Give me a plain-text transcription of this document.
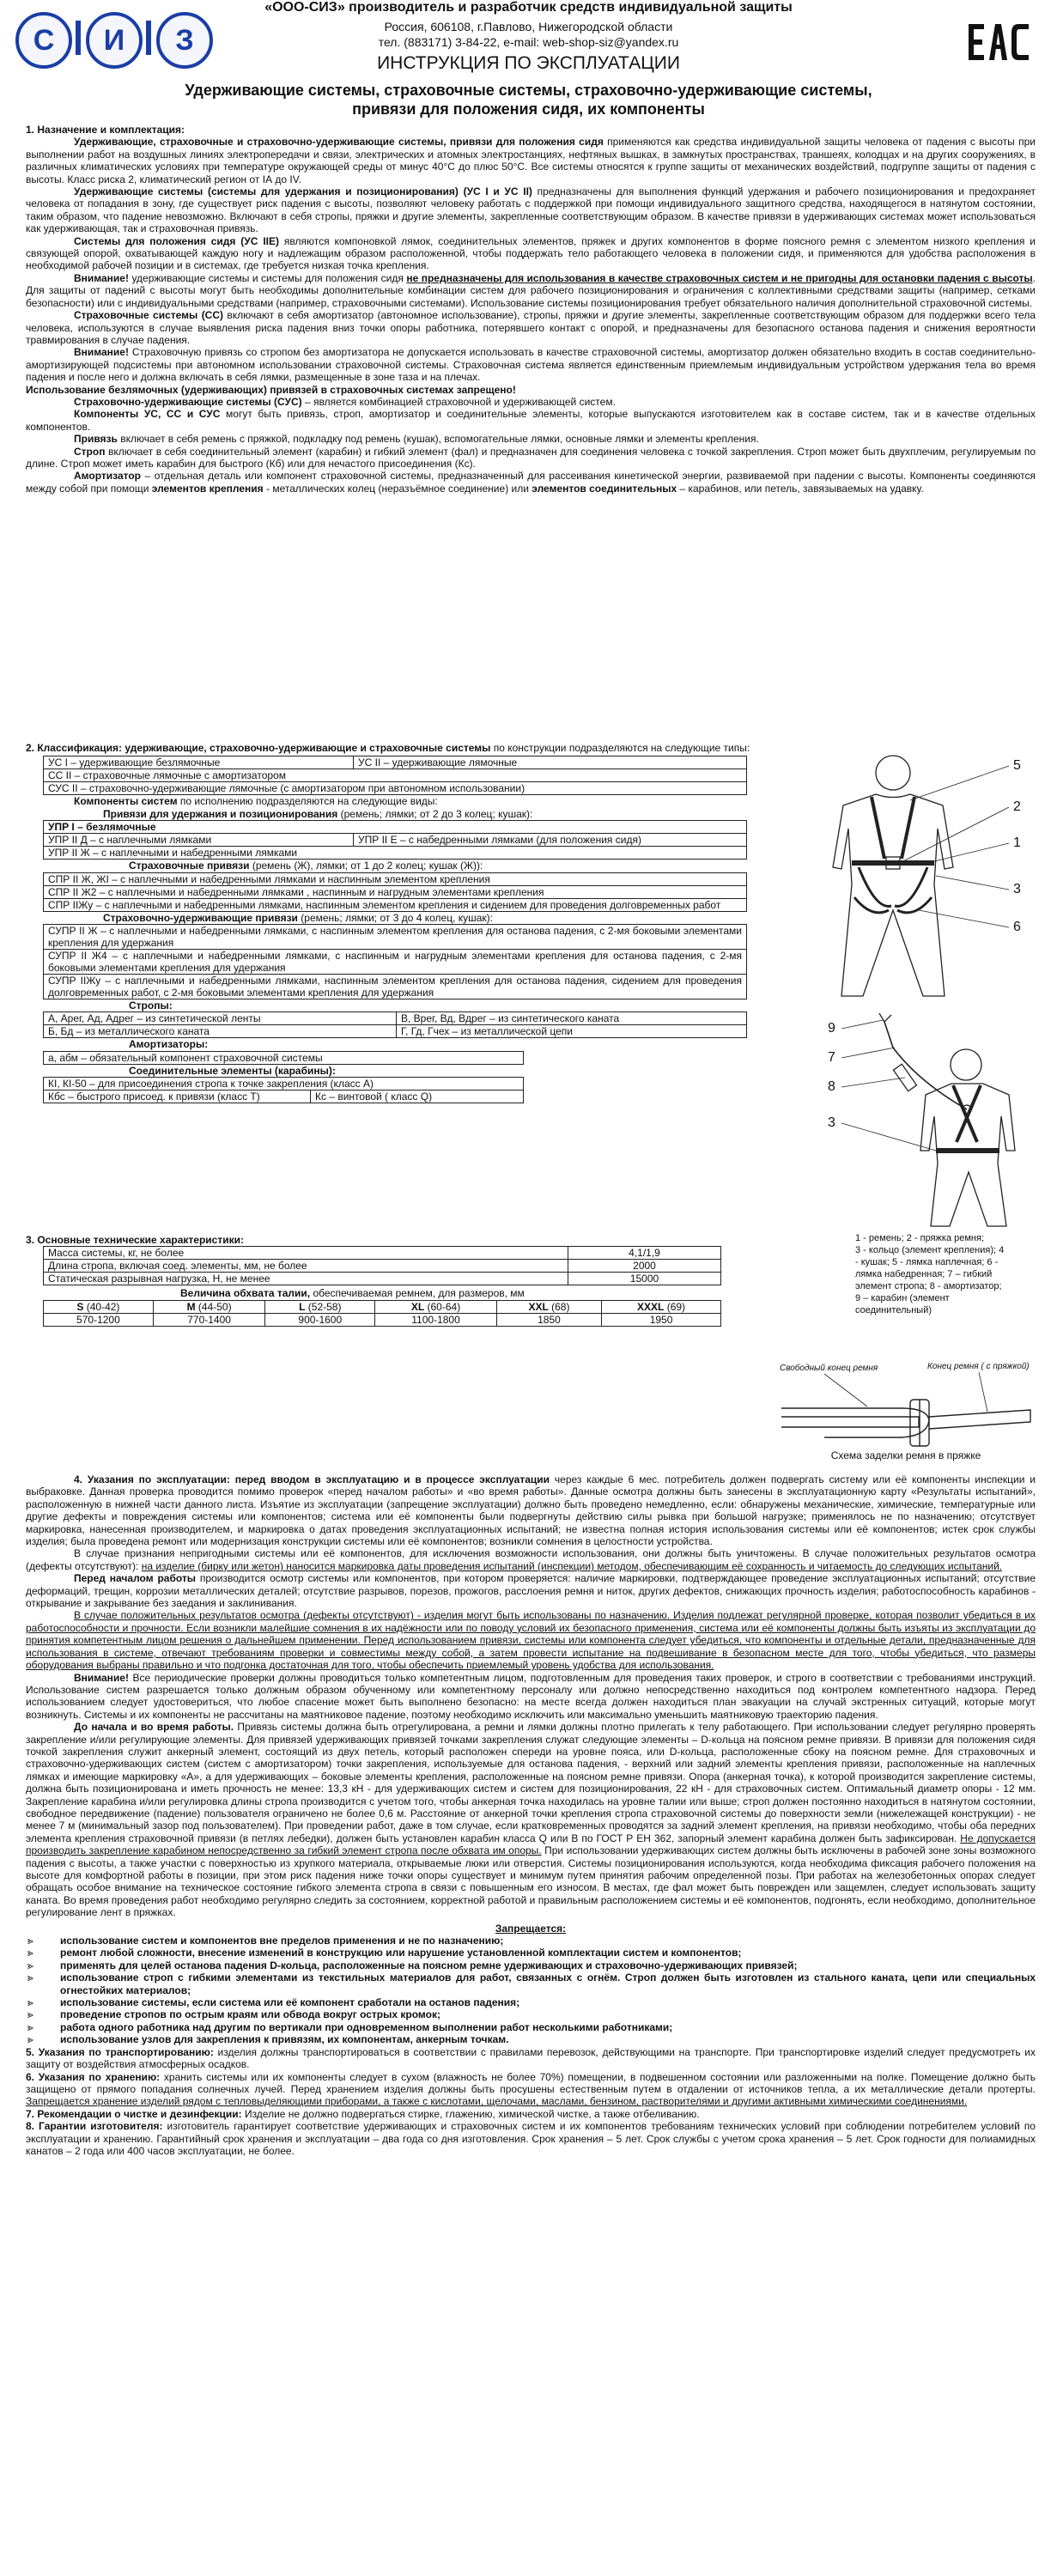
С	И	З
«ООО-СИЗ» производитель и разработчик средств индивидуальной защиты
Россия, 606108, г.Павлово, Нижегородской области
тел. (883171) 3-84-22, e-mail: web-shop-siz@yandex.ru
ИНСТРУКЦИЯ ПО ЭКСПЛУАТАЦИИ
Удерживающие системы, страховочные системы, страховочно-удерживающие системы,
привязи для положения сидя, их компоненты

1. Назначение и комплектация:

Удерживающие, страховочные и страховочно-удерживающие системы, привязи для положения сидя применяются как средства индивидуальной защиты человека от падения с высоты при выполнении работ на воздушных линиях электропередачи и связи, электрических и атомных электростанциях, нефтяных вышках, в замкнутых пространствах, траншеях, колодцах и на других сооружениях, в различных климатических условиях при температуре окружающей среды от минус 40°С до плюс 50°С. Все системы относятся к группе защиты от механических воздействий, подгруппе защиты от падения с высоты. Класс риска 2, климатический регион от IА до IV.

Удерживающие системы (системы для удержания и позиционирования) (УС I и УС II) предназначены для выполнения функций удержания и рабочего позиционирования и предохраняет человека от попадания в зону, где существует риск падения с высоты, позволяют человеку работать с поддержкой при помощи индивидуального защитного средства, находящегося в натянутом состоянии, таким образом, что падение невозможно. Включают в себя стропы, пряжки и другие элементы, закрепленные соответствующим образом. В качестве привязи в удерживающих системах может использоваться как удерживающая, так и страховочная привязь.

Системы для положения сидя (УС IIE) являются компоновкой лямок, соединительных элементов, пряжек и других компонентов в форме поясного ремня с элементом низкого крепления и связующей опорой, охватывающей каждую ногу и надлежащим образом расположенной, чтобы поддержать тело работающего человека в положении сидя, и применяются для удобства расположения в необходимой рабочей позиции и в системах, где требуется низкая точка крепления.

Внимание! удерживающие системы и системы для положения сидя не предназначены для использования в качестве страховочных систем и не пригодны для остановки падения с высоты. Для защиты от падений с высоты могут быть необходимы дополнительные комбинации систем для рабочего позиционирования и ограничения с коллективными средствами защиты (например, сетками безопасности) или с индивидуальными средствами (например, страховочными системами). Использование системы позиционирования требует обязательного наличия дополнительной страховочной системы.

Страховочные системы (СС) включают в себя амортизатор (автономное использование), стропы, пряжки и другие элементы, закрепленные соответствующим образом для поддержки всего тела человека, используются в случае выявления риска падения вниз точки опоры работника, потерявшего контакт с опорой, и предназначены для безопасного останова падения и снижения вероятности травмирования в случае падения.

Внимание! Страховочную привязь со стропом без амортизатора не допускается использовать в качестве страховочной системы, амортизатор должен обязательно входить в состав соединительно-амортизирующей подсистемы при автономном использовании страховочной системы. Страховочная система является единственным приемлемым индивидуальным устройством удержания тела во время падения и после него и должна включать в себя лямки, размещенные в зоне таза и на плечах.

Использование безлямочных (удерживающих) привязей в страховочных системах запрещено!

Страховочно-удерживающие системы (СУС) – является комбинацией страховочной и удерживающей систем.

Компоненты УС, СС и СУС могут быть привязь, строп, амортизатор и соединительные элементы, которые выпускаются изготовителем как в составе систем, так и в качестве отдельных компонентов.

Привязь включает в себя ремень с пряжкой, подкладку под ремень (кушак), вспомогательные лямки, основные лямки и элементы крепления.

Строп включает в себя соединительный элемент (карабин) и гибкий элемент (фал) и предназначен для соединения человека с точкой закрепления. Строп может быть двухплечим, регулируемым по длине. Строп может иметь карабин для быстрого (Кб) или для нечастого присоединения (Кс).

Амортизатор – отдельная деталь или компонент страховочной системы, предназначенный для рассеивания кинетической энергии, развиваемой при падении с высоты. Компоненты соединяются между собой при помощи элементов крепления - металлических колец (неразъёмное соединение) или элементов соединительных – карабинов, или петель, завязываемых на удавку.

2. Классификация: удерживающие, страховочно-удерживающие и страховочные системы по конструкции подразделяются на следующие типы:

УС I – удерживающие безлямочные	УС II – удерживающие лямочные
СС II – страховочные лямочные с амортизатором
СУС II – страховочно-удерживающие лямочные (с амортизатором при автономном использовании)

Компоненты систем по исполнению подразделяются на следующие виды:

Привязи для удержания и позиционирования (ремень; лямки; от 2 до 3 колец; кушак):

УПР I – безлямочные
УПР II Д – с наплечными лямками	УПР II Е – с набедренными лямками (для положения сидя)
УПР II Ж – с наплечными и набедренными лямками

Страховочные привязи (ремень (Ж), лямки; от 1 до 2 колец; кушак (Ж)):

СПР II Ж, ЖI – с наплечными и набедренными лямками и наспинным элементом крепления
СПР II Ж2 – с наплечными и набедренными лямками , наспинным и нагрудным элементами крепления
СПР IIЖу – с наплечными и набедренными лямками, наспинным элементом крепления и сидением для проведения долговременных работ

Страховочно-удерживающие привязи (ремень; лямки; от 3 до 4 колец, кушак):

СУПР II Ж – с наплечными и набедренными лямками, с наспинным элементом крепления для останова падения, с 2-мя боковыми элементами крепления для удержания
СУПР II Ж4 – с наплечными и набедренными лямками, с наспинным и нагрудным элементами крепления для останова падения, с 2-мя боковыми элементами крепления для удержания
СУПР IIЖу – с наплечными и набедренными лямками, наспинным элементом крепления для останова падения, сидением для проведения долговременных работ, с 2-мя боковыми элементами крепления для удержания

Стропы:

А, Арег, Ад, Адрег – из синтетической ленты	В, Врег, Вд, Вдрег – из синтетического каната
Б, Бд – из металлического каната	Г, Гд, Гчех – из металлической цепи

Амортизаторы:

а, абм – обязательный компонент страховочной системы

Соединительные элементы (карабины):

КI, КI-50 – для присоединения стропа к точке закрепления (класс А)
Кбс – быстрого присоед. к привязи (класс Т)	Кс – винтовой ( класс Q)

3. Основные технические характеристики:

Масса системы, кг, не более	4,1/1,9
Длина стропа, включая соед. элементы, мм, не более	2000
Статическая разрывная нагрузка, Н, не менее	15000

Величина обхвата талии, обеспечиваемая ремнем, для размеров, мм

S (40-42)	M (44-50)	L (52-58)	XL (60-64)	XXL (68)	XXXL (69)
570-1200	770-1400	900-1600	1100-1800	1850	1950
5
2
1
3
6
9
7
8
3
1 - ремень; 2 - пряжка ремня;
3 - кольцо (элемент крепления); 4
- кушак; 5 - лямка наплечная; 6 -
лямка набедренная; 7 – гибкий
элемент стропа; 8 - амортизатор;
9 – карабин (элемент
соединительный)
Свободный конец ремня	Конец ремня ( с пряжкой)
Схема заделки ремня в пряжке

4. Указания по эксплуатации: перед вводом в эксплуатацию и в процессе эксплуатации через каждые 6 мес. потребитель должен подвергать систему или её компоненты инспекции и выбраковке. Данная проверка проводится помимо проверок «перед началом работы» и «во время работы». Данные осмотра должны быть занесены в эксплуатационную карту «Результаты испытаний», расположенную в нижней части данного листа. Изъятие из эксплуатации (запрещение эксплуатации) должно быть проведено немедленно, если: обнаружены механические, химические, температурные или другие дефекты и повреждения системы или компонентов; система или её компоненты были подвергнуты действию силы рывка при большой нагрузке; применялось не по назначению; отсутствует маркировка, нанесенная производителем, и маркировка о датах проведения эксплуатационных испытаний; не известна полная история использования системы или её компонентов; истек срок службы изделия; была проведена ремонт или модернизация конструкции системы или её компонентов; возникли сомнения в целостности устройства.

В случае признания непригодными системы или её компонентов, для исключения возможности использования, они должны быть уничтожены. В случае положительных результатов осмотра (дефекты отсутствуют): на изделие (бирку или жетон) наносится маркировка даты проведения испытаний (инспекции) методом, обеспечивающим её сохранность и читаемость до следующих испытаний.

Перед началом работы производится осмотр системы или компонентов, при котором проверяется: наличие маркировки, подтверждающее проведение эксплуатационных испытаний; отсутствие деформаций, трещин, коррозии металлических деталей; отсутствие разрывов, порезов, прожогов, расслоения ремня и ниток, других дефектов, снижающих прочность изделия; работоспособность карабинов - открывание и закрывание без заедания и заклинивания.

В случае положительных результатов осмотра (дефекты отсутствуют) - изделия могут быть использованы по назначению. Изделия подлежат регулярной проверке, которая позволит убедиться в их работоспособности и прочности. Если возникли малейшие сомнения в их надёжности или по поводу условий их безопасного применения, система или её компоненты должны быть изъяты из эксплуатации до принятия компетентным лицом решения о дальнейшем применении. Перед использованием привязи, системы или компонента следует убедиться, что компоненты и отдельные детали, предназначенные для использования в системе, отвечают требованиям проверки и совместимы между собой, а затем провести испытание на подвешивание в безопасном месте для того, чтобы убедиться, что размеры оборудования выбраны правильно и что подгонка достаточная для того, чтобы обеспечить приемлемый уровень удобства для использования.

Внимание! Все периодические проверки должны проводиться только компетентным лицом, подготовленным для проведения таких проверок, и строго в соответствии с требованиями инструкций. Использование систем разрешается только должным образом обученному или компетентному персоналу или должно непосредственно находиться под контролем компетентного надзора. Перед использованием следует удостовериться, что любое спасение может быть выполнено безопасно: на месте всегда должен находиться план эвакуации на случай экстренных ситуаций, которые могут возникнуть. Системы и их компоненты не рассчитаны на маятниковое падение, поэтому необходимо исключить или максимально уменьшить маятниковую траекторию падения.

До начала и во время работы. Привязь системы должна быть отрегулирована, а ремни и лямки должны плотно прилегать к телу работающего. При использовании следует регулярно проверять закрепление и/или регулирующие элементы. Для привязей удерживающих привязей точками закрепления служат следующие элементы – D-кольца на поясном ремне привязи. В привязи для положения сидя точкой закрепления служит анкерный элемент, состоящий из двух петель, который расположен спереди на уровне пояса, или D-кольца, расположенные сбоку на поясном ремне. Для страховочных и страховочно-удерживающих систем (систем с амортизатором) точки закрепления, используемые для останова падения, - верхний или задний элементы крепления привязи, расположенные на наплечных лямках и имеющие маркировку «А», а для удерживающих – боковые элементы крепления, расположенные на поясном ремне привязи. Опора (анкерная точка), к которой производится закрепление системы, должна быть позиционирована и иметь прочность не менее: 13,3 кН - для удерживающих систем и систем для позиционирования, 22 кН - для страховочных систем. Оптимальный диаметр опоры - 12 мм. Закрепление карабина и/или регулировка длины стропа производится с учетом того, чтобы анкерная точка находилась на уровне талии или выше; строп должен постоянно находиться в натянутом состоянии, свободное передвижение (падение) пользователя ограничено не более 0,6 м. Расстояние от анкерной точки крепления стропа страховочной системы до поверхности земли (нижележащей конструкции) - не менее 7 м (минимальный зазор под пользователем). При проведении работ, даже в том случае, если кратковременных проводятся за задний элемент крепления, на привязи необходимо, чтобы оба передних элемента крепления страховочной привязи (в петлях лебедки), должен быть установлен карабин класса Q или B по ГОСТ Р ЕН 362, запорный элемент карабина должен быть зафиксирован. Не допускается производить закрепление карабином непосредственно за гибкий элемент стропа после обхвата им опоры. При использовании удерживающих систем должны быть исключены в рабочей зоне зоны возможного падения с высоты, а также участки с поверхностью из хрупкого материала, открываемые люки или отверстия. Системы позиционирования используются, когда необходима фиксация рабочего положения на высоте для комфортной работы в позиции, при этом риск падения ниже точки опоры существует и минимум путем принятия рабочим определенной позы. При работах на железобетонных опорах следует обращать особое внимание на техническое состояние гибкого элемента стропа в связи с повышенным его износом. В местах, где фал может быть поврежден или защемлен, следует использовать защиту каната. Во время проведения работ необходимо регулярно следить за состоянием, корректной работой и правильным расположением системы и её компонентов, подгонять, если необходимо, дополнительное регулирование лент в пряжках.

Запрещается:

⪢	использование систем и компонентов вне пределов применения и не по назначению;
⪢	ремонт любой сложности, внесение изменений в конструкцию или нарушение установленной комплектации систем и компонентов;
⪢	применять для целей останова падения D-кольца, расположенные на поясном ремне удерживающих и страховочно-удерживающих привязей;
⪢	использование строп с гибкими элементами из текстильных материалов для работ, связанных с огнём. Строп должен быть изготовлен из стального каната, цепи или специальных огнестойких материалов;
⪢	использование системы, если система или её компонент сработали на останов падения;
⪢	проведение стропов по острым краям или обвода вокруг острых кромок;
⪢	работа одного работника над другим по вертикали при одновременном выполнении работ несколькими работниками;
⪢	использование узлов для закрепления к привязям, их компонентам, анкерным точкам.

5. Указания по транспортированию: изделия должны транспортироваться в соответствии с правилами перевозок, действующими на транспорте. При транспортировке изделий следует предусмотреть их защиту от воздействия атмосферных осадков.

6. Указания по хранению: хранить системы или их компоненты следует в сухом (влажность не более 70%) помещении, в подвешенном состоянии или разложенными на полке. Помещение должно быть защищено от прямого попадания солнечных лучей. Перед хранением изделия должны быть просушены естественным путем в отдалении от источников тепла, а их металлические детали протерты. Запрещается хранение изделий рядом с тепловыделяющими приборами, а также с кислотами, щелочами, маслами, бензином, растворителями и другими активными химическими соединениями.

7. Рекомендации о чистке и дезинфекции: Изделие не должно подвергаться стирке, глажению, химической чистке, а также отбеливанию.

8. Гарантии изготовителя: изготовитель гарантирует соответствие удерживающих и страховочных систем и их компонентов требованиям технических условий при соблюдении потребителем условий по эксплуатации и хранению. Гарантийный срок хранения и эксплуатации – два года со дня изготовления. Срок хранения – 5 лет. Срок службы с учетом срока хранения – 5 лет. Срок годности для полиамидных канатов – 2 года или 400 часов эксплуатации, не более.
